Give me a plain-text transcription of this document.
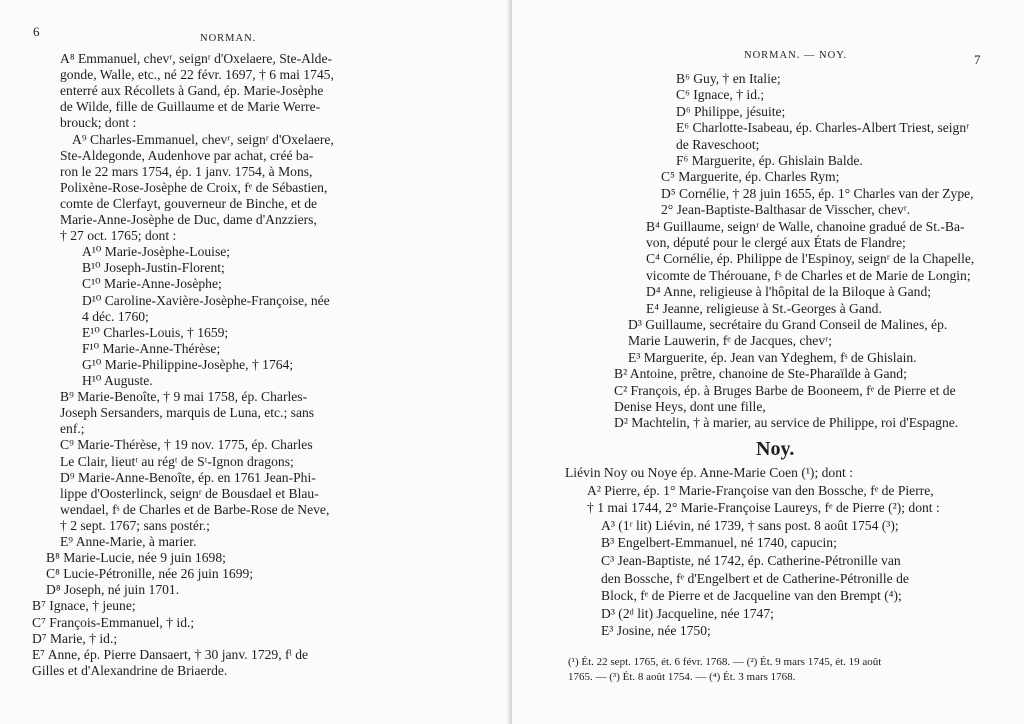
6	NORMAN.
A⁸ Emmanuel, chevʳ, seignʳ d'Oxelaere, Ste-Alde-
gonde, Walle, etc., né 22 févr. 1697, † 6 mai 1745,
enterré aux Récollets à Gand, ép. Marie-Josèphe
de Wilde, fille de Guillaume et de Marie Werre-
brouck; dont :
A⁹ Charles-Emmanuel, chevʳ, seignʳ d'Oxelaere,
Ste-Aldegonde, Audenhove par achat, créé ba-
ron le 22 mars 1754, ép. 1 janv. 1754, à Mons,
Polixène-Rose-Josèphe de Croix, fᵉ de Sébastien,
comte de Clerfayt, gouverneur de Binche, et de
Marie-Anne-Josèphe de Duc, dame d'Anzziers,
† 27 oct. 1765; dont :
A¹⁰ Marie-Josèphe-Louise;
B¹⁰ Joseph-Justin-Florent;
C¹⁰ Marie-Anne-Josèphe;
D¹⁰ Caroline-Xavière-Josèphe-Françoise, née
4 déc. 1760;
E¹⁰ Charles-Louis, † 1659;
F¹⁰ Marie-Anne-Thérèse;
G¹⁰ Marie-Philippine-Josèphe, † 1764;
H¹⁰ Auguste.
B⁹ Marie-Benoîte, † 9 mai 1758, ép. Charles-
Joseph Sersanders, marquis de Luna, etc.; sans
enf.;
C⁹ Marie-Thérèse, † 19 nov. 1775, ép. Charles
Le Clair, lieutᵗ au régᵗ de Sᵗ-Ignon dragons;
D⁹ Marie-Anne-Benoîte, ép. en 1761 Jean-Phi-
lippe d'Oosterlinck, seignʳ de Bousdael et Blau-
wendael, fˢ de Charles et de Barbe-Rose de Neve,
† 2 sept. 1767; sans postér.;
E⁹ Anne-Marie, à marier.
B⁸ Marie-Lucie, née 9 juin 1698;
C⁸ Lucie-Pétronille, née 26 juin 1699;
D⁸ Joseph, né juin 1701.
B⁷ Ignace, † jeune;
C⁷ François-Emmanuel, † id.;
D⁷ Marie, † id.;
E⁷ Anne, ép. Pierre Dansaert, † 30 janv. 1729, fˡ de
Gilles et d'Alexandrine de Briaerde.
NORMAN. — NOY.	7
B⁶ Guy, † en Italie;
C⁶ Ignace, † id.;
D⁶ Philippe, jésuite;
E⁶ Charlotte-Isabeau, ép. Charles-Albert Triest, seignʳ
de Raveschoot;
F⁶ Marguerite, ép. Ghislain Balde.
C⁵ Marguerite, ép. Charles Rym;
D⁵ Cornélie, † 28 juin 1655, ép. 1° Charles van der Zype,
2° Jean-Baptiste-Balthasar de Visscher, chevʳ.
B⁴ Guillaume, seignʳ de Walle, chanoine gradué de St.-Ba-
von, député pour le clergé aux États de Flandre;
C⁴ Cornélie, ép. Philippe de l'Espinoy, seignʳ de la Chapelle,
vicomte de Thérouane, fˢ de Charles et de Marie de Longin;
D⁴ Anne, religieuse à l'hôpital de la Biloque à Gand;
E⁴ Jeanne, religieuse à St.-Georges à Gand.
D³ Guillaume, secrétaire du Grand Conseil de Malines, ép.
Marie Lauwerin, fᵉ de Jacques, chevʳ;
E³ Marguerite, ép. Jean van Ydeghem, fˢ de Ghislain.
B² Antoine, prêtre, chanoine de Ste-Pharaïlde à Gand;
C² François, ép. à Bruges Barbe de Booneem, fᵉ de Pierre et de
Denise Heys, dont une fille,
D² Machtelin, † à marier, au service de Philippe, roi d'Espagne.
Noy.
Liévin Noy ou Noye ép. Anne-Marie Coen (¹); dont :
A² Pierre, ép. 1° Marie-Françoise van den Bossche, fᵉ de Pierre,
† 1 mai 1744, 2° Marie-Françoise Laureys, fᵉ de Pierre (²); dont :
A³ (1ʳ lit) Liévin, né 1739, † sans post. 8 août 1754 (³);
B³ Engelbert-Emmanuel, né 1740, capucin;
C³ Jean-Baptiste, né 1742, ép. Catherine-Pétronille van
den Bossche, fᵉ d'Engelbert et de Catherine-Pétronille de
Block, fᵉ de Pierre et de Jacqueline van den Brempt (⁴);
D³ (2ᵈ lit) Jacqueline, née 1747;
E³ Josine, née 1750;
(¹) Ét. 22 sept. 1765, ét. 6 févr. 1768. — (²) Ét. 9 mars 1745, ét. 19 août
1765. — (³) Ét. 8 août 1754. — (⁴) Ét. 3 mars 1768.
